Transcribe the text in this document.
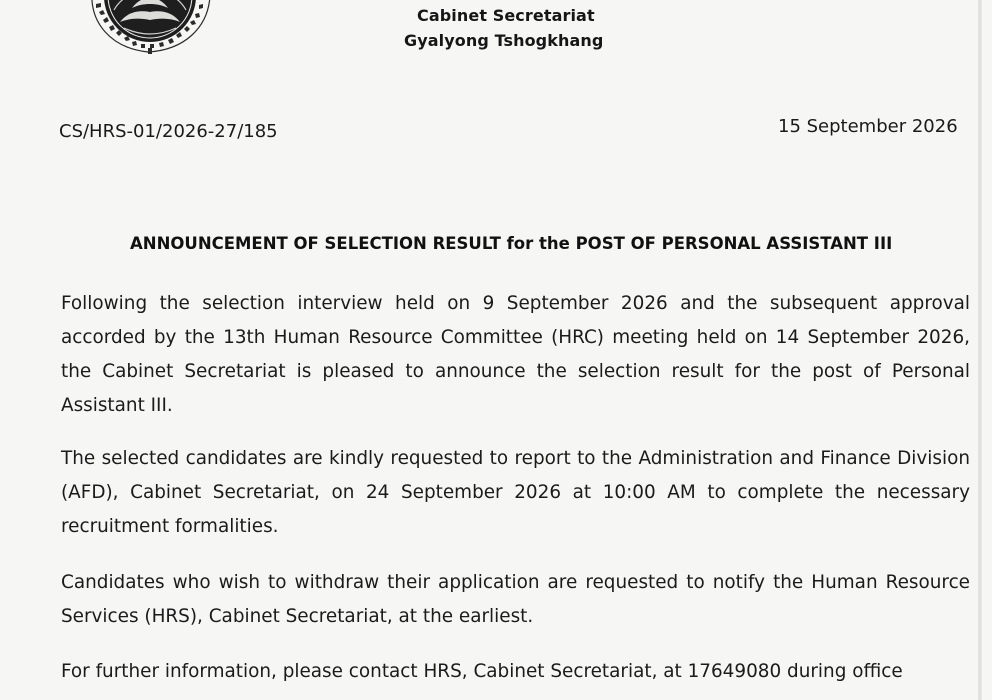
Cabinet Secretariat
Gyalyong Tshogkhang
CS/HRS-01/2026-27/185	15 September 2026
ANNOUNCEMENT OF SELECTION RESULT for the POST OF PERSONAL ASSISTANT III
Following the selection interview held on 9 September 2026 and the subsequent approval accorded by the 13th Human Resource Committee (HRC) meeting held on 14 September 2026, the Cabinet Secretariat is pleased to announce the selection result for the post of Personal Assistant III.
The selected candidates are kindly requested to report to the Administration and Finance Division (AFD), Cabinet Secretariat, on 24 September 2026 at 10:00 AM to complete the necessary recruitment formalities.
Candidates who wish to withdraw their application are requested to notify the Human Resource Services (HRS), Cabinet Secretariat, at the earliest.
For further information, please contact HRS, Cabinet Secretariat, at 17649080 during office
